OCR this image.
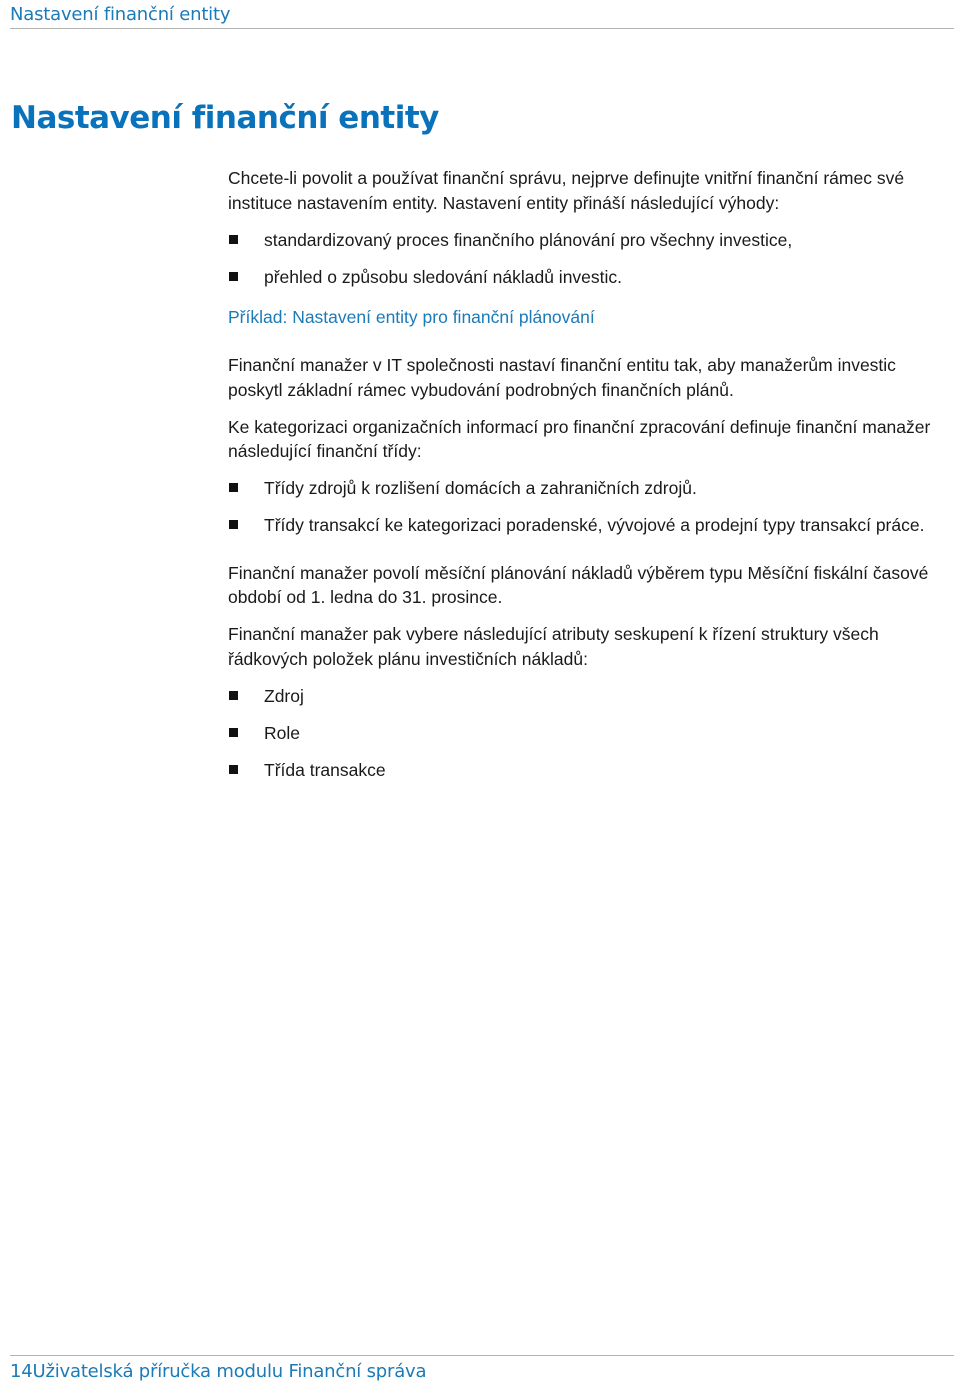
Nastavení finanční entity
Nastavení finanční entity

Chcete-li povolit a používat finanční správu, nejprve definujte vnitřní finanční rámec své instituce nastavením entity. Nastavení entity přináší následující výhody:

standardizovaný proces finančního plánování pro všechny investice,
přehled o způsobu sledování nákladů investic.

Příklad: Nastavení entity pro finanční plánování

Finanční manažer v IT společnosti nastaví finanční entitu tak, aby manažerům investic poskytl základní rámec vybudování podrobných finančních plánů.

Ke kategorizaci organizačních informací pro finanční zpracování definuje finanční manažer následující finanční třídy:

Třídy zdrojů k rozlišení domácích a zahraničních zdrojů.
Třídy transakcí ke kategorizaci poradenské, vývojové a prodejní typy transakcí práce.

Finanční manažer povolí měsíční plánování nákladů výběrem typu Měsíční fiskální časové období od 1. ledna do 31. prosince.

Finanční manažer pak vybere následující atributy seskupení k řízení struktury všech řádkových položek plánu investičních nákladů:

Zdroj
Role
Třída transakce
14Uživatelská příručka modulu Finanční správa
